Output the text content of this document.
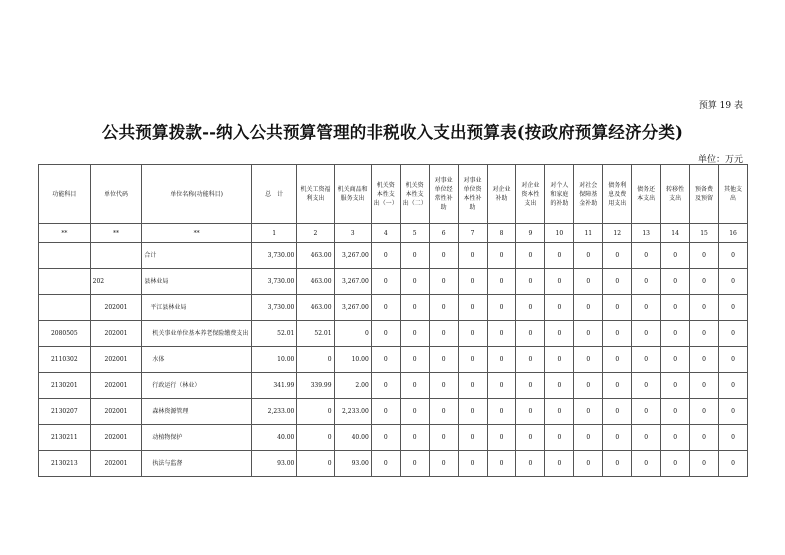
预算 19 表
公共预算拨款--纳入公共预算管理的非税收入支出预算表(按政府预算经济分类)
单位：万元
功能科目	单位代码	单位名称(功能科目)	总　计	机关工资福利支出	机关商品和服务支出	机关资本性支出（一）	机关资本性支出（二）	对事业单位经常性补助	对事业单位资本性补助	对企业补助	对企业资本性支出	对个人和家庭的补助	对社会保障基金补助	债务利息及费用支出	债务还本支出	转移性支出	预备费及预留	其他支出
**	**	**	1	2	3	4	5	6	7	8	9	10	11	12	13	14	15	16
		合计	3,730.00	463.00	3,267.00	0	0	0	0	0	0	0	0	0	0	0	0	0
	202	县林业局	3,730.00	463.00	3,267.00	0	0	0	0	0	0	0	0	0	0	0	0	0
	202001	平江县林业局	3,730.00	463.00	3,267.00	0	0	0	0	0	0	0	0	0	0	0	0	0
2080505	202001	机关事业单位基本养老保险缴费支出	52.01	52.01	0	0	0	0	0	0	0	0	0	0	0	0	0	0
2110302	202001	水体	10.00	0	10.00	0	0	0	0	0	0	0	0	0	0	0	0	0
2130201	202001	行政运行（林业）	341.99	339.99	2.00	0	0	0	0	0	0	0	0	0	0	0	0	0
2130207	202001	森林资源管理	2,233.00	0	2,233.00	0	0	0	0	0	0	0	0	0	0	0	0	0
2130211	202001	动植物保护	40.00	0	40.00	0	0	0	0	0	0	0	0	0	0	0	0	0
2130213	202001	执法与监督	93.00	0	93.00	0	0	0	0	0	0	0	0	0	0	0	0	0
